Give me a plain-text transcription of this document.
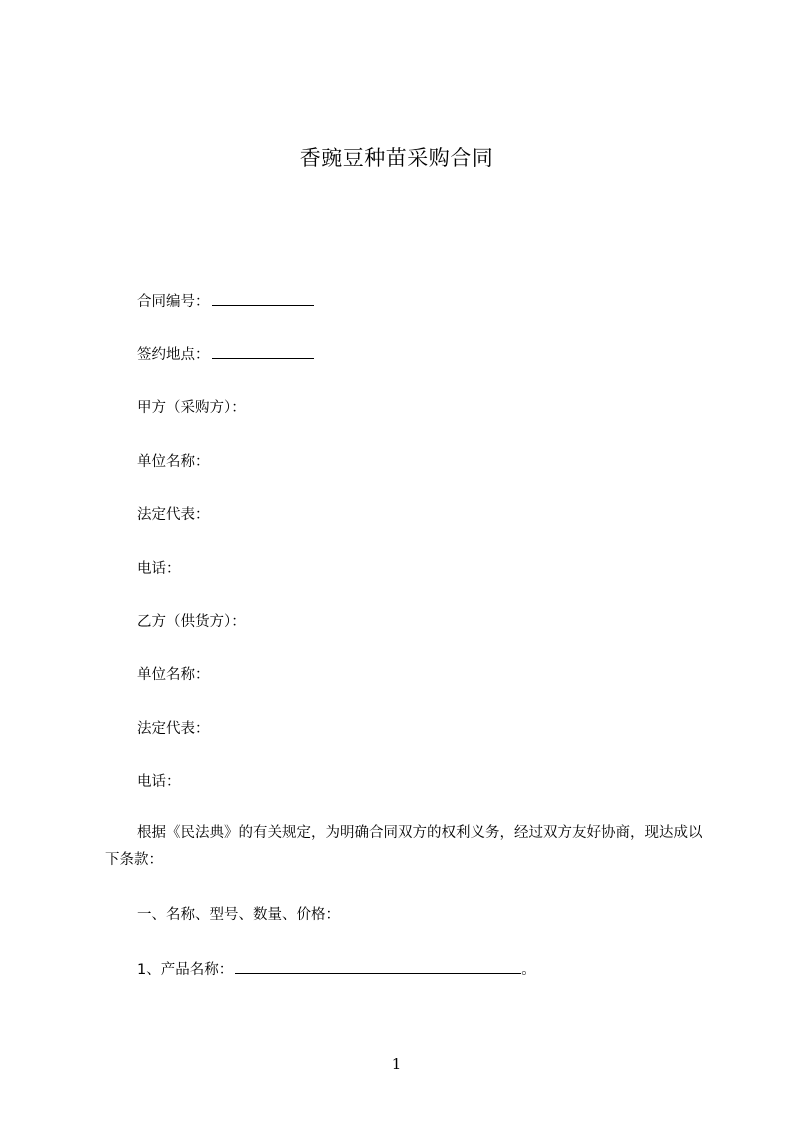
香豌豆种苗采购合同
合同编号：
签约地点：
甲方（采购方）：
单位名称：
法定代表：
电话：
乙方（供货方）：
单位名称：
法定代表：
电话：
根据《民法典》的有关规定，为明确合同双方的权利义务，经过双方友好协商，现达成以下条款：
一、名称、型号、数量、价格：
1、产品名称：	。
1
